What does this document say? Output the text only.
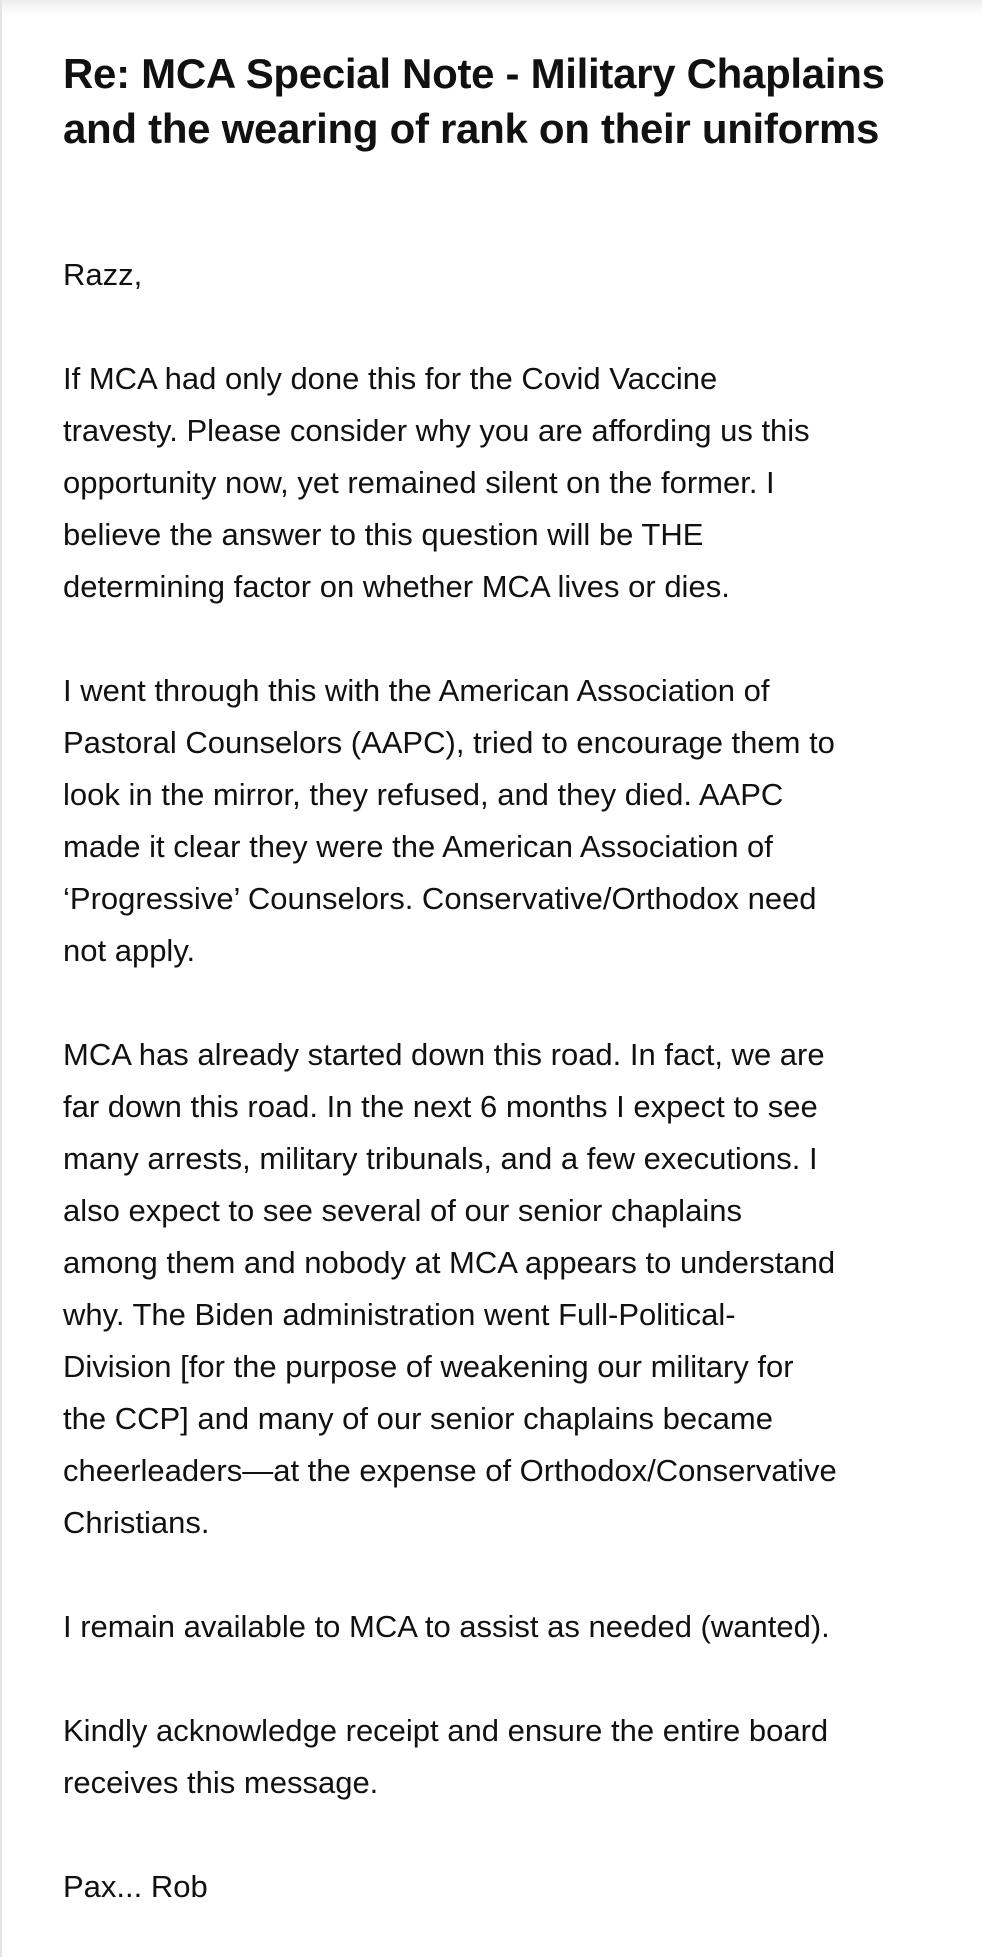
Re: MCA Special Note - Military Chaplains and the wearing of rank on their uniforms

Razz,

If MCA had only done this for the Covid Vaccine
travesty. Please consider why you are affording us this
opportunity now, yet remained silent on the former. I
believe the answer to this question will be THE
determining factor on whether MCA lives or dies.

I went through this with the American Association of
Pastoral Counselors (AAPC), tried to encourage them to
look in the mirror, they refused, and they died. AAPC
made it clear they were the American Association of
‘Progressive’ Counselors. Conservative/Orthodox need
not apply.

MCA has already started down this road. In fact, we are
far down this road. In the next 6 months I expect to see
many arrests, military tribunals, and a few executions. I
also expect to see several of our senior chaplains
among them and nobody at MCA appears to understand
why. The Biden administration went Full-Political-
Division [for the purpose of weakening our military for
the CCP] and many of our senior chaplains became
cheerleaders—at the expense of Orthodox/Conservative
Christians.

I remain available to MCA to assist as needed (wanted).

Kindly acknowledge receipt and ensure the entire board
receives this message.

Pax... Rob
